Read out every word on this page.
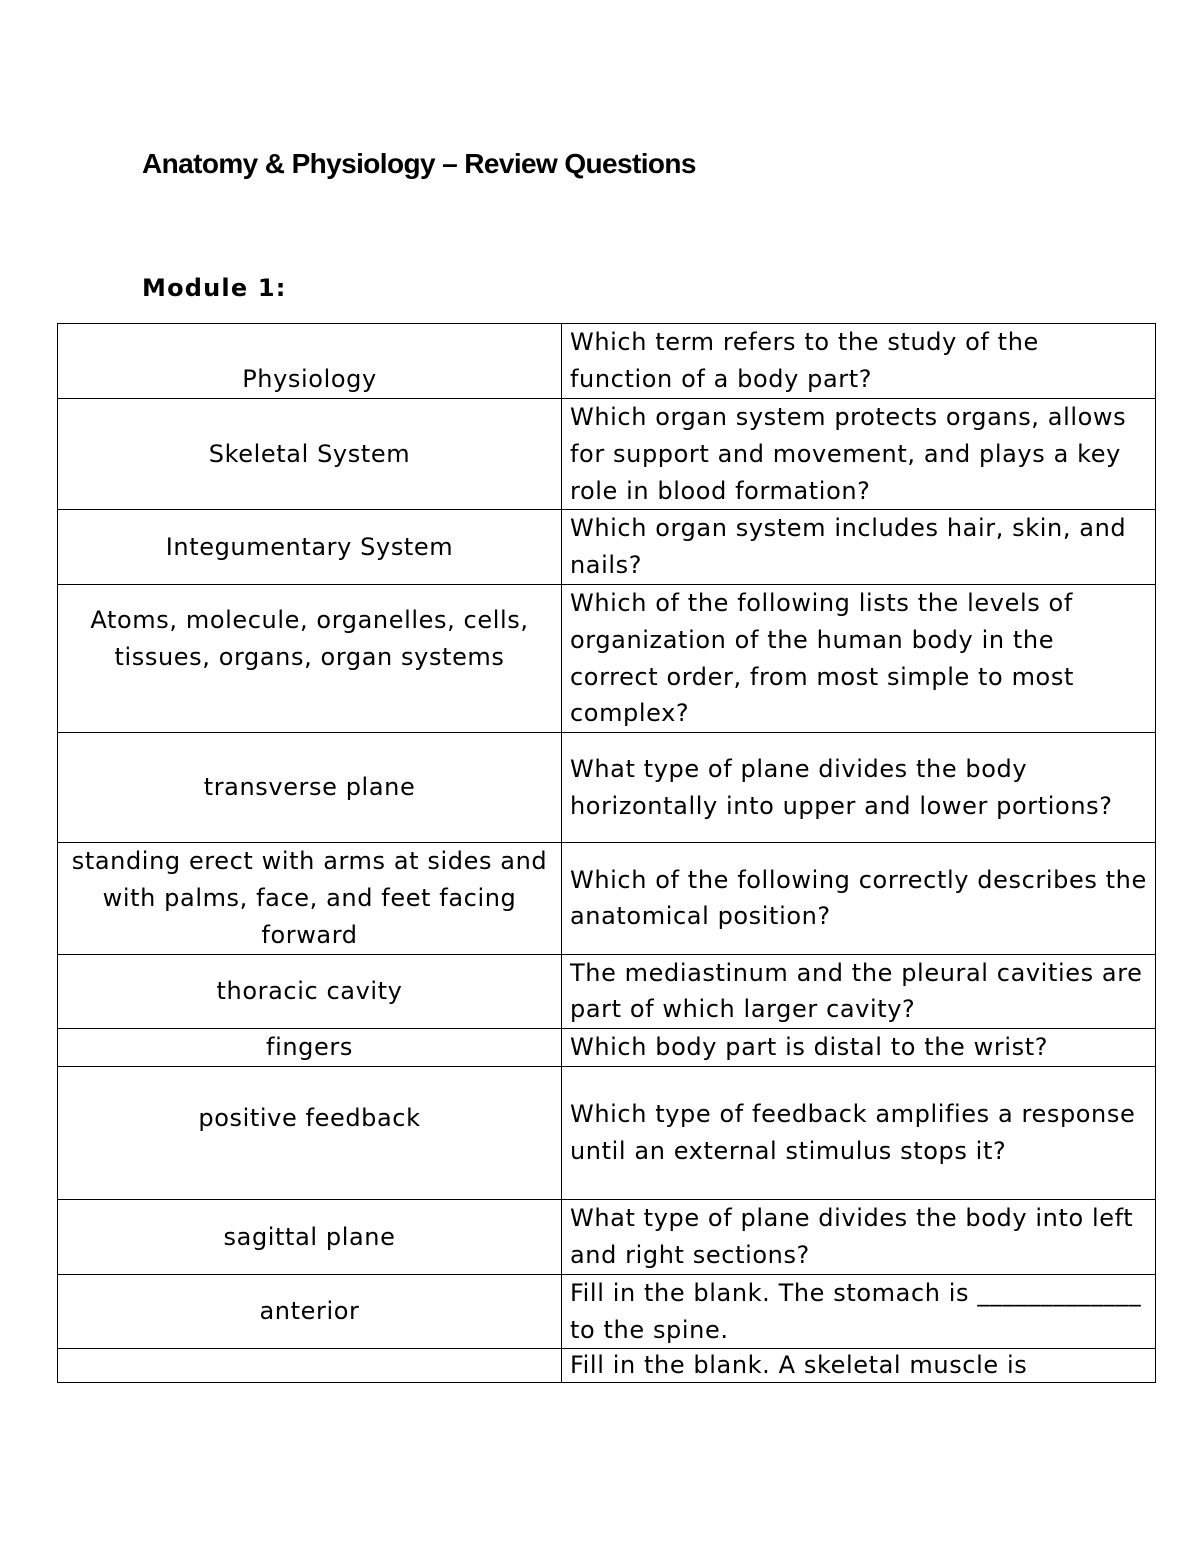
Anatomy & Physiology – Review Questions
Module 1:
Physiology	Which term refers to the study of the function of a body part?

Skeletal System	Which organ system protects organs, allows for support and movement, and plays a key role in blood formation?

Integumentary System	Which organ system includes hair, skin, and nails?

Atoms, molecule, organelles, cells, tissues, organs, organ systems	Which of the following lists the levels of organization of the human body in the correct order, from most simple to most complex?

transverse plane	What type of plane divides the body horizontally into upper and lower portions?

standing erect with arms at sides and with palms, face, and feet facing forward	Which of the following correctly describes the anatomical position?

thoracic cavity	The mediastinum and the pleural cavities are part of which larger cavity?

fingers	Which body part is distal to the wrist?

positive feedback	Which type of feedback amplifies a response until an external stimulus stops it?

sagittal plane	What type of plane divides the body into left and right sections?

anterior	Fill in the blank. The stomach is _____________ to the spine.

	Fill in the blank. A skeletal muscle is
